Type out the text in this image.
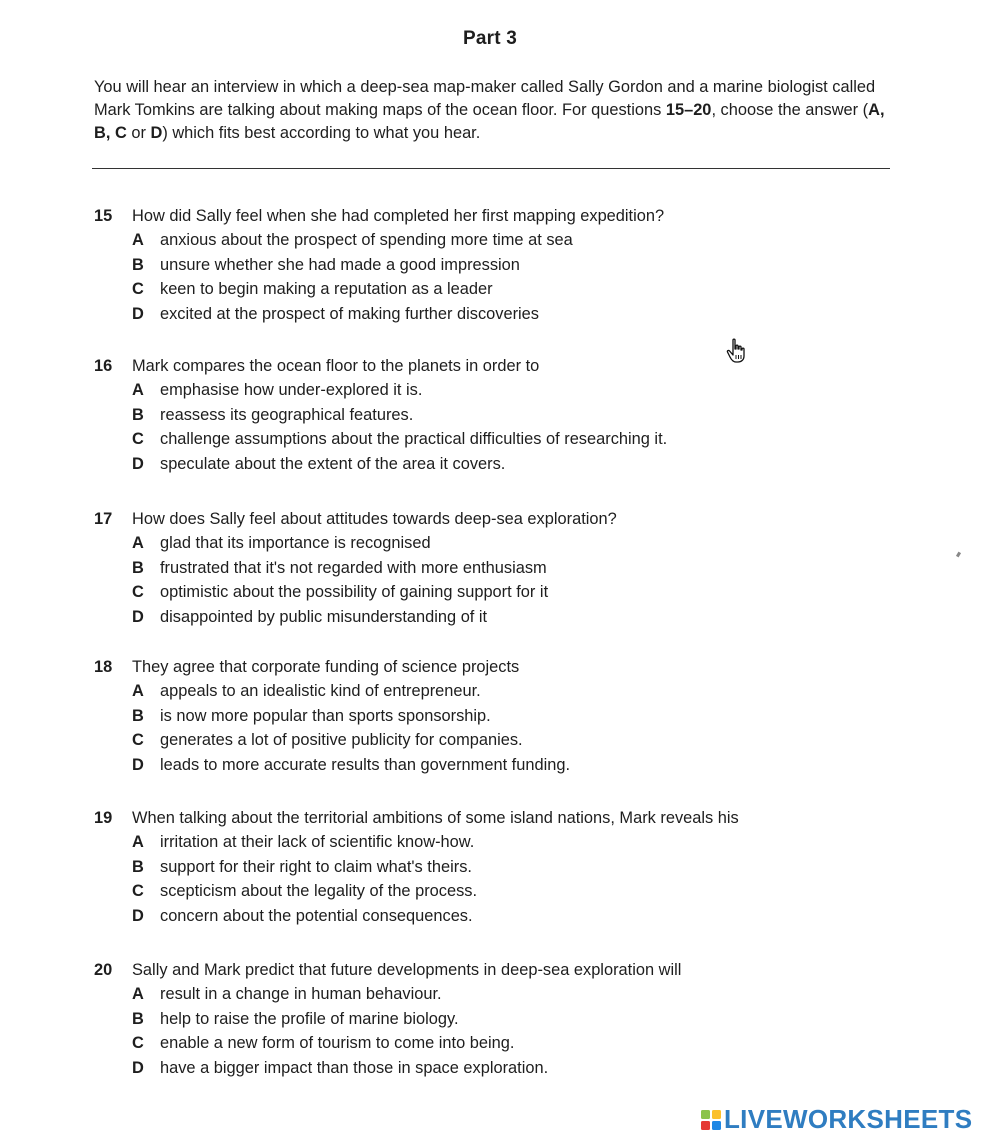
Part 3
You will hear an interview in which a deep-sea map-maker called Sally Gordon and a marine biologist called Mark Tomkins are talking about making maps of the ocean floor. For questions 15–20, choose the answer (A, B, C or D) which fits best according to what you hear.
15	How did Sally feel when she had completed her first mapping expedition?
A anxious about the prospect of spending more time at sea
B unsure whether she had made a good impression
C keen to begin making a reputation as a leader
D excited at the prospect of making further discoveries
16	Mark compares the ocean floor to the planets in order to
A emphasise how under-explored it is.
B reassess its geographical features.
C challenge assumptions about the practical difficulties of researching it.
D speculate about the extent of the area it covers.
17	How does Sally feel about attitudes towards deep-sea exploration?
A glad that its importance is recognised
B frustrated that it's not regarded with more enthusiasm
C optimistic about the possibility of gaining support for it
D disappointed by public misunderstanding of it
18	They agree that corporate funding of science projects
A appeals to an idealistic kind of entrepreneur.
B is now more popular than sports sponsorship.
C generates a lot of positive publicity for companies.
D leads to more accurate results than government funding.
19	When talking about the territorial ambitions of some island nations, Mark reveals his
A irritation at their lack of scientific know-how.
B support for their right to claim what's theirs.
C scepticism about the legality of the process.
D concern about the potential consequences.
20	Sally and Mark predict that future developments in deep-sea exploration will
A result in a change in human behaviour.
B help to raise the profile of marine biology.
C enable a new form of tourism to come into being.
D have a bigger impact than those in space exploration.
LIVEWORKSHEETS
